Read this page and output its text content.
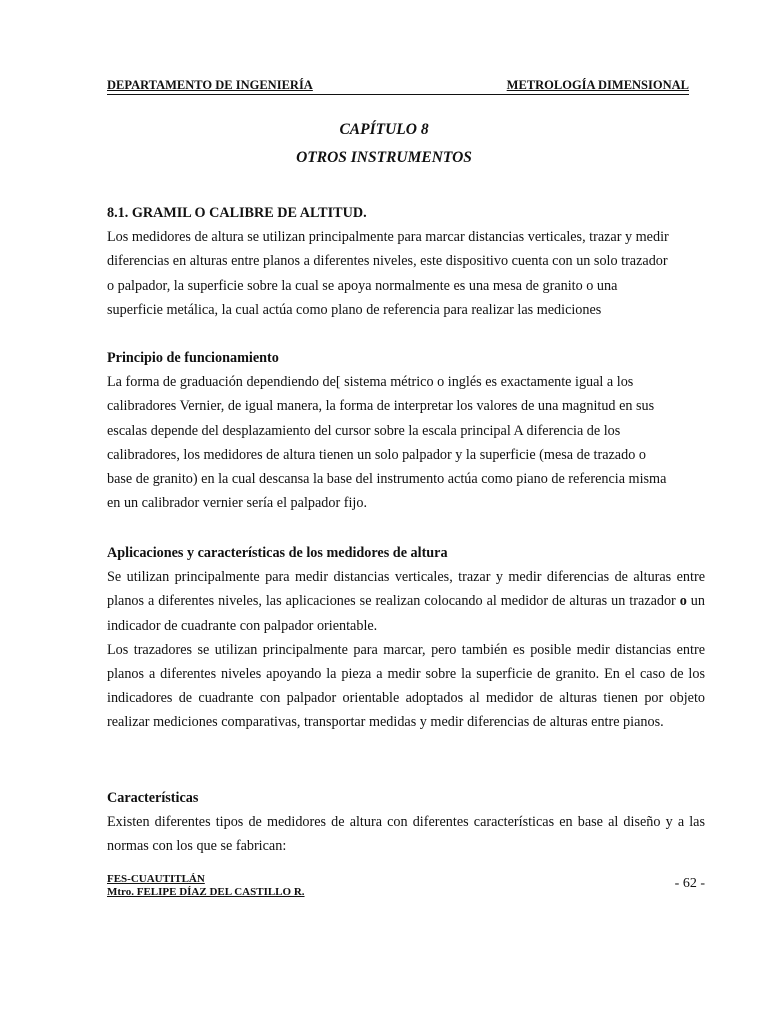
DEPARTAMENTO DE INGENIERÍA	METROLOGÍA DIMENSIONAL
CAPÍTULO 8
OTROS INSTRUMENTOS

8.1. GRAMIL O CALIBRE DE ALTITUD.

Los medidores de altura se utilizan principalmente para marcar distancias verticales, trazar y medir

diferencias en alturas entre planos a diferentes niveles, este dispositivo cuenta con un solo trazador

o palpador, la superficie sobre la cual se apoya normalmente es una mesa de granito o una

superficie metálica, la cual actúa como plano de referencia para realizar las mediciones

Principio de funcionamiento

La forma de graduación dependiendo de[ sistema métrico o inglés es exactamente igual a los

calibradores Vernier, de igual manera, la forma de interpretar los valores de una magnitud en sus

escalas depende del desplazamiento del cursor sobre la escala principal A diferencia de los

calibradores, los medidores de altura tienen un solo palpador y la superficie (mesa de trazado o

base de granito) en la cual descansa la base del instrumento actúa como piano de referencia misma

en un calibrador vernier sería el palpador fijo.

Aplicaciones y características de los medidores de altura

Se utilizan principalmente para medir distancias verticales, trazar y medir diferencias de alturas entre planos a diferentes niveles, las aplicaciones se realizan colocando al medidor de alturas un trazador o un indicador de cuadrante con palpador orientable.

Los trazadores se utilizan principalmente para marcar, pero también es posible medir distancias entre planos a diferentes niveles apoyando la pieza a medir sobre la superficie de granito. En el caso de los indicadores de cuadrante con palpador orientable adoptados al medidor de alturas tienen por objeto realizar mediciones comparativas, transportar medidas y medir diferencias de alturas entre pianos.

Características

Existen diferentes tipos de medidores de altura con diferentes características en base al diseño y a las normas con los que se fabrican:

FES-CUAUTITLÁN
Mtro. FELIPE DÍAZ DEL CASTILLO R.
- 62 -
